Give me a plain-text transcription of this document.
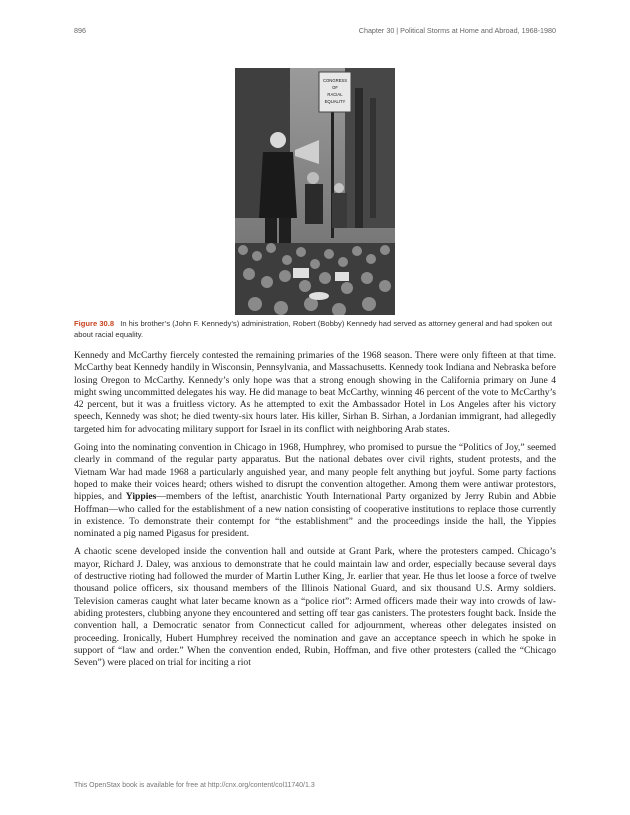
896	Chapter 30 | Political Storms at Home and Abroad, 1968-1980
CONGRESS
OF
RACIAL
EQUALITY
Figure 30.8 In his brother’s (John F. Kennedy’s) administration, Robert (Bobby) Kennedy had served as attorney general and had spoken out about racial equality.

Kennedy and McCarthy fiercely contested the remaining primaries of the 1968 season. There were only fifteen at that time. McCarthy beat Kennedy handily in Wisconsin, Pennsylvania, and Massachusetts. Kennedy took Indiana and Nebraska before losing Oregon to McCarthy. Kennedy’s only hope was that a strong enough showing in the California primary on June 4 might swing uncommitted delegates his way. He did manage to beat McCarthy, winning 46 percent of the vote to McCarthy’s 42 percent, but it was a fruitless victory. As he attempted to exit the Ambassador Hotel in Los Angeles after his victory speech, Kennedy was shot; he died twenty-six hours later. His killer, Sirhan B. Sirhan, a Jordanian immigrant, had allegedly targeted him for advocating military support for Israel in its conflict with neighboring Arab states.

Going into the nominating convention in Chicago in 1968, Humphrey, who promised to pursue the “Politics of Joy,” seemed clearly in command of the regular party apparatus. But the national debates over civil rights, student protests, and the Vietnam War had made 1968 a particularly anguished year, and many people felt anything but joyful. Some party factions hoped to make their voices heard; others wished to disrupt the convention altogether. Among them were antiwar protestors, hippies, and Yippies—members of the leftist, anarchistic Youth International Party organized by Jerry Rubin and Abbie Hoffman—who called for the establishment of a new nation consisting of cooperative institutions to replace those currently in existence. To demonstrate their contempt for “the establishment” and the proceedings inside the hall, the Yippies nominated a pig named Pigasus for president.

A chaotic scene developed inside the convention hall and outside at Grant Park, where the protesters camped. Chicago’s mayor, Richard J. Daley, was anxious to demonstrate that he could maintain law and order, especially because several days of destructive rioting had followed the murder of Martin Luther King, Jr. earlier that year. He thus let loose a force of twelve thousand police officers, six thousand members of the Illinois National Guard, and six thousand U.S. Army soldiers. Television cameras caught what later became known as a “police riot”: Armed officers made their way into crowds of law-abiding protesters, clubbing anyone they encountered and setting off tear gas canisters. The protesters fought back. Inside the convention hall, a Democratic senator from Connecticut called for adjournment, whereas other delegates insisted on proceeding. Ironically, Hubert Humphrey received the nomination and gave an acceptance speech in which he spoke in support of “law and order.” When the convention ended, Rubin, Hoffman, and five other protesters (called the “Chicago Seven”) were placed on trial for inciting a riot

This OpenStax book is available for free at http://cnx.org/content/col11740/1.3
